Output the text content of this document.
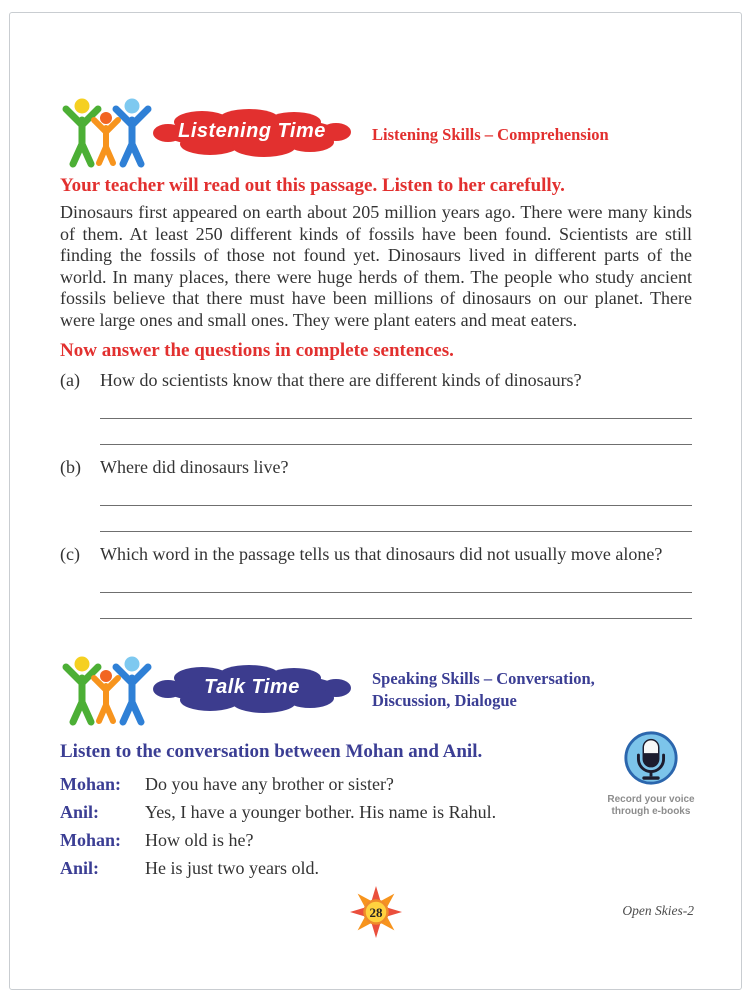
Listening Time	Listening Skills – Comprehension

Your teacher will read out this passage. Listen to her carefully.

Dinosaurs first appeared on earth about 205 million years ago. There were many kinds of them. At least 250 different kinds of fossils have been found. Scientists are still finding the fossils of those not found yet. Dinosaurs lived in different parts of the world. In many places, there were huge herds of them. The people who study ancient fossils believe that there must have been millions of dinosaurs on our planet. There were large ones and small ones. They were plant eaters and meat eaters.

Now answer the questions in complete sentences.

(a)	How do scientists know that there are different kinds of dinosaurs?

(b)	Where did dinosaurs live?

(c)	Which word in the passage tells us that dinosaurs did not usually move alone?

Talk Time	Speaking Skills – Conversation,
Discussion, Dialogue

Listen to the conversation between Mohan and Anil.

Mohan:	Do you have any brother or sister?
Anil:	Yes, I have a younger bother. His name is Rahul.
Mohan:	How old is he?
Anil:	He is just two years old.
Record your voice
through e-books
28	Open Skies-2
